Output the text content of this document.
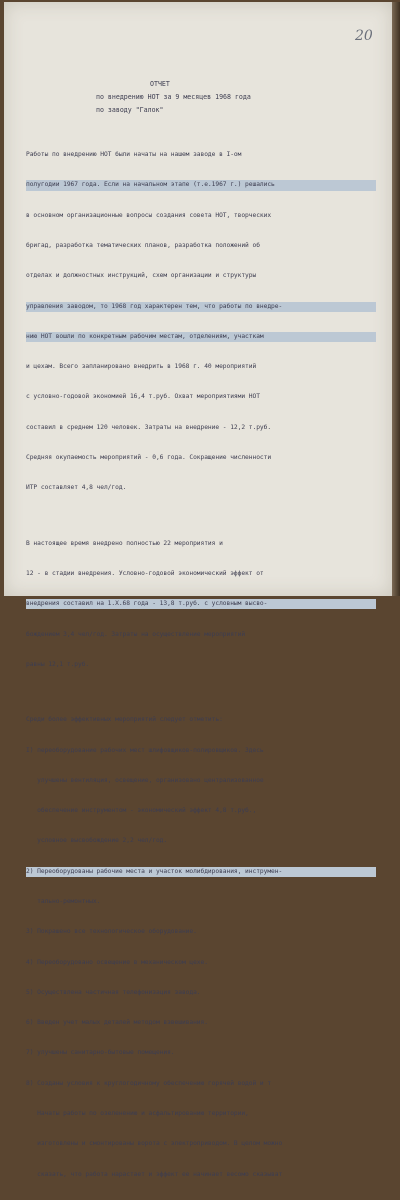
20
ОТЧЕТ
по внедрению НОТ за 9 месяцев 1968 года
по заводу "Галок"

Работы по внедрению НОТ были начаты на нашем заводе в I-ом

полугодии 1967 года. Если на начальном этапе (т.е.1967 г.) решались

в основном организационные вопросы создания совета НОТ, творческих

бригад, разработка тематических планов, разработка положений об

отделах и должностных инструкций, схем организации и структуры

управления заводом, то 1968 год характерен тем, что работы по внедре-

нию НОТ вошли по конкретным рабочим местам, отделениям, участкам

и цехам. Всего запланировано внедрить в 1968 г. 40 мероприятий

с условно-годовой экономией 16,4 т.руб. Охват мероприятиями НОТ

составил в среднем 120 человек. Затраты на внедрение - 12,2 т.руб.

Средняя окупаемость мероприятий - 0,6 года. Сокращение численности

ИТР составляет 4,8 чел/год.

В настоящее время внедрено полностью 22 мероприятия и

12 - в стадии внедрения. Условно-годовой экономический эффект от

внедрения составил на 1.X.68 года - 13,8 т.руб. с условным высво-

бождением 3,4 чел/год. Затраты на осуществление мероприятий

равны 12,1 т.руб.

Среди более эффективных мероприятий следует отметить:

I) переоборудование рабочих мест шлифовщиков-полировщиков. Здесь

улучшены вентиляция, освещение, организовано централизованное

обеспечение инструментом - экономический эффект 4,8 т.руб.,

условное высвобождение 2,2 чел/год.

2) Переоборудованы рабочие места и участок молибдирования, инструмен-

тально-ремонтных.

3) Покрашено все технологическое оборудование.

4) Переоборудовано освещение в механическом цехе.

5) Осуществлена частичная телефонизация завода.

6) Введен учет малых деталей методом взвешивания.

7) улучшены санитарно-бытовые помещения.

8) Созданы условия к круглогодичному обеспечению горячей водой и т

Начаты работы по озеленению и асфальтированию территории,

изготовлены и смонтированы ворота с электроприводом. В целом можно

сказать, что работа нарастает и эффект ее начинает весомо сказыват
